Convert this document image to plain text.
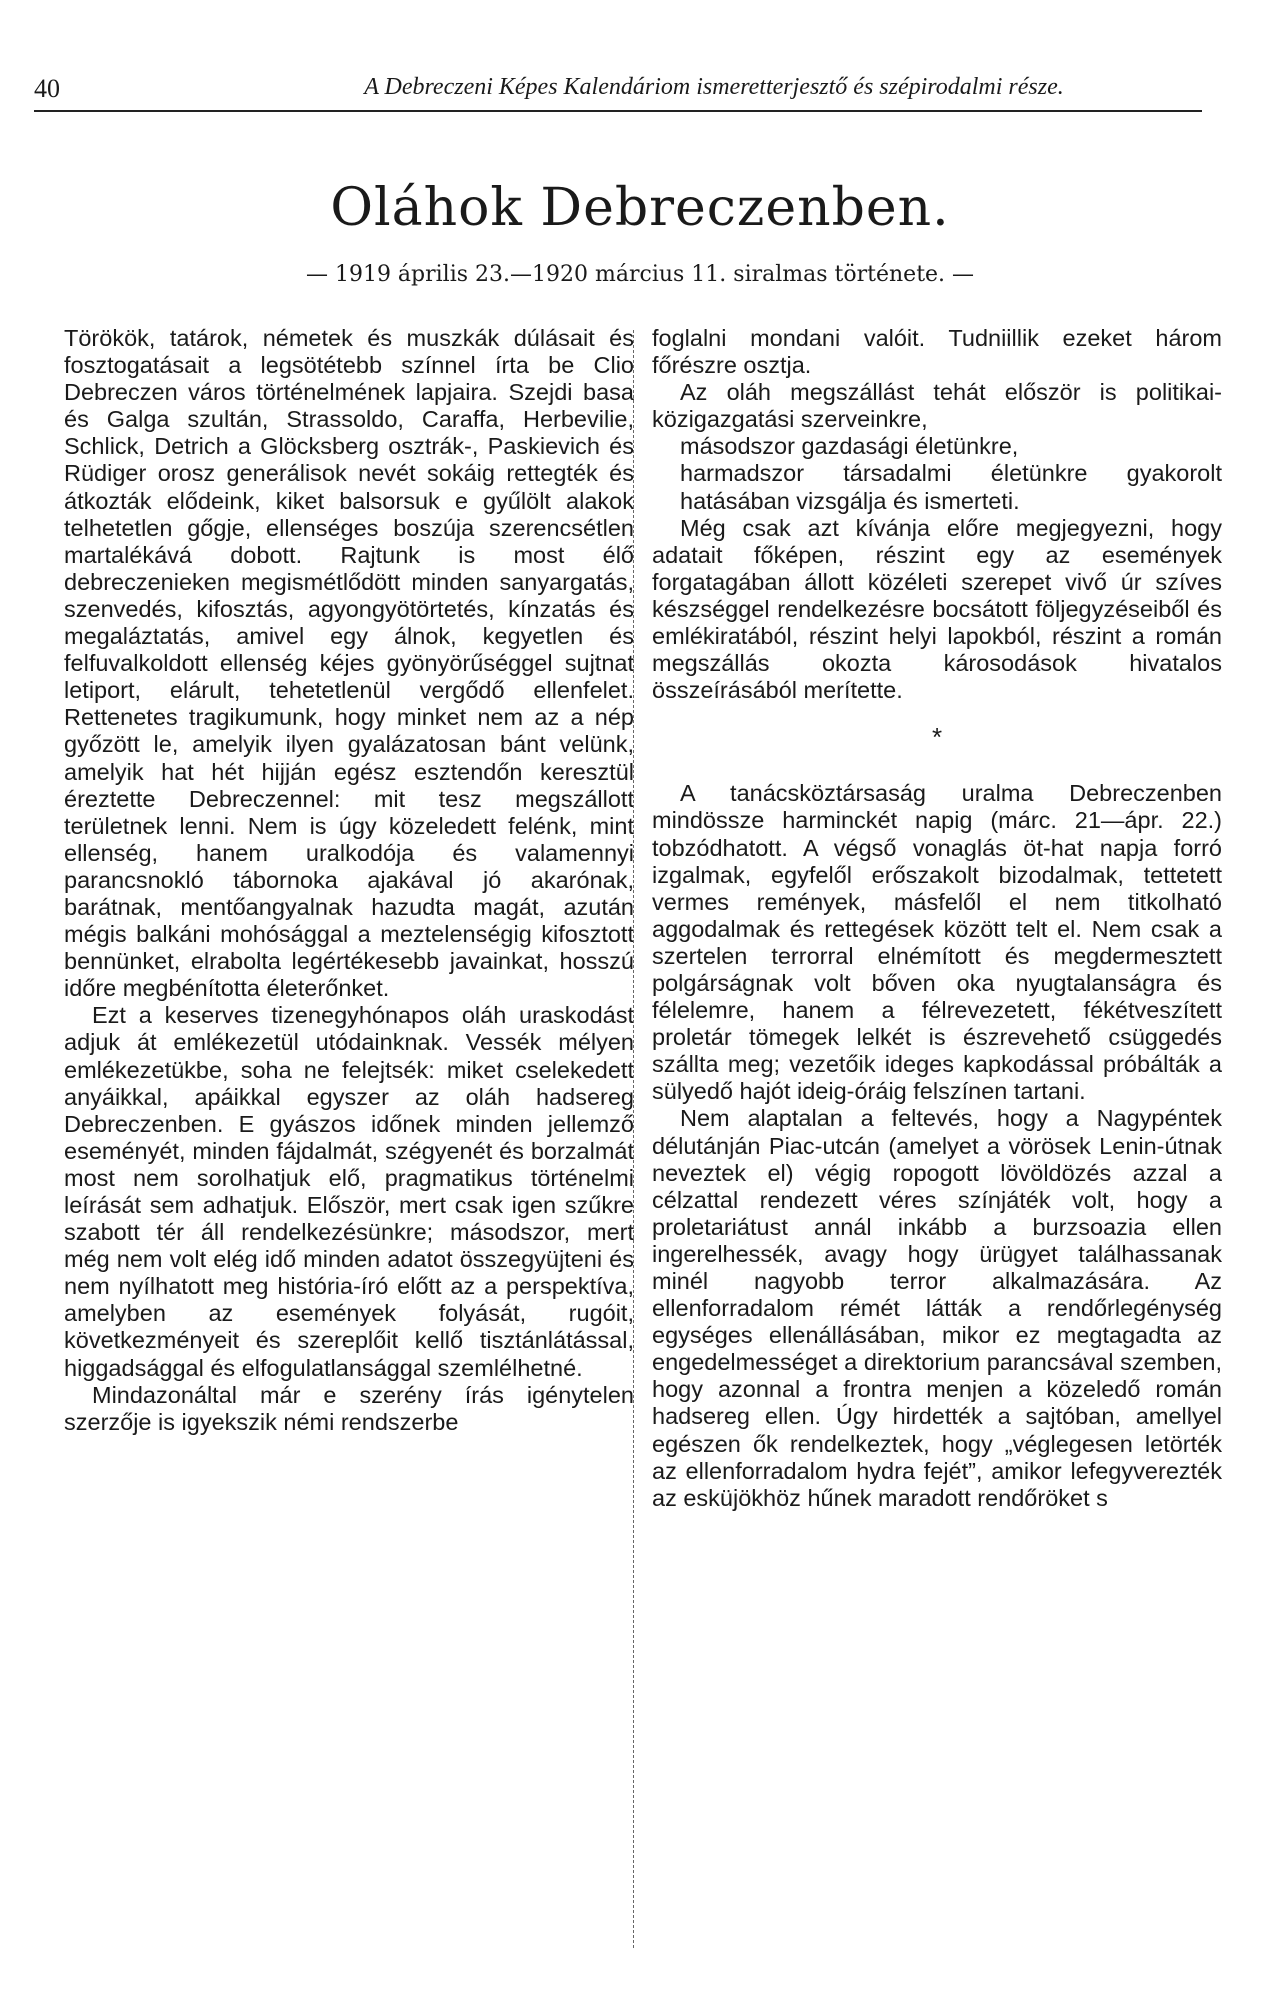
40	A Debreczeni Képes Kalendáriom ismeretterjesztő és szépirodalmi része.
Oláhok Debreczenben.
— 1919 április 23.—1920 március 11. siralmas története. —

Törökök, tatárok, németek és muszkák dúlásait és fosztogatásait a legsötétebb színnel írta be Clio Debreczen város történelmének lapjaira. Szejdi basa és Galga szultán, Strassoldo, Caraffa, Herbevilie, Schlick, Detrich a Glöcksberg osztrák-, Paskievich és Rüdiger orosz generálisok nevét sokáig rettegték és átkozták elődeink, kiket balsorsuk e gyűlölt alakok telhetetlen gőgje, ellenséges boszúja szerencsétlen martalékává dobott. Rajtunk is most élő debreczenieken megismétlődött minden sanyargatás, szenvedés, kifosztás, agyongyötörtetés, kínzatás és megaláztatás, amivel egy álnok, kegyetlen és felfuvalkoldott ellenség kéjes gyönyörűséggel sujtnat letiport, elárult, tehetetlenül vergődő ellenfelet. Rettenetes tragikumunk, hogy minket nem az a nép győzött le, amelyik ilyen gyalázatosan bánt velünk, amelyik hat hét hijján egész esztendőn keresztül éreztette Debreczennel: mit tesz megszállott területnek lenni. Nem is úgy közeledett felénk, mint ellenség, hanem uralkodója és valamennyi parancsnokló tábornoka ajakával jó akarónak, barátnak, mentőangyalnak hazudta magát, azután mégis balkáni mohósággal a meztelenségig kifosztott bennünket, elrabolta legértékesebb javainkat, hosszú időre megbénította életerőnket.

Ezt a keserves tizenegyhónapos oláh uraskodást adjuk át emlékezetül utódainknak. Vessék mélyen emlékezetükbe, soha ne felejtsék: miket cselekedett anyáikkal, apáikkal egyszer az oláh hadsereg Debreczenben. E gyászos időnek minden jellemző eseményét, minden fájdalmát, szégyenét és borzalmát most nem sorolhatjuk elő, pragmatikus történelmi leírását sem adhatjuk. Először, mert csak igen szűkre szabott tér áll rendelkezésünkre; másodszor, mert még nem volt elég idő minden adatot összegyüjteni és nem nyílhatott meg história-író előtt az a perspektíva, amelyben az események folyását, rugóit, következményeit és szereplőit kellő tisztánlátással, higgadsággal és elfogulatlansággal szemlélhetné.

Mindazonáltal már e szerény írás igénytelen szerzője is igyekszik némi rendszerbe

foglalni mondani valóit. Tudniillik ezeket három főrészre osztja.

Az oláh megszállást tehát először is politikai-közigazgatási szerveinkre,

másodszor gazdasági életünkre,

harmadszor társadalmi életünkre gyakorolt hatásában vizsgálja és ismerteti.

Még csak azt kívánja előre megjegyezni, hogy adatait főképen, részint egy az események forgatagában állott közéleti szerepet vivő úr szíves készséggel rendelkezésre bocsátott följegyzéseiből és emlékiratából, részint helyi lapokból, részint a román megszállás okozta károsodások hivatalos összeírásából merítette.

*

A tanácsköztársaság uralma Debreczenben mindössze harminckét napig (márc. 21—ápr. 22.) tobzódhatott. A végső vonaglás öt-hat napja forró izgalmak, egyfelől erőszakolt bizodalmak, tettetett vermes remények, másfelől el nem titkolható aggodalmak és rettegések között telt el. Nem csak a szertelen terrorral elnémított és megdermesztett polgárságnak volt bőven oka nyugtalanságra és félelemre, hanem a félrevezetett, fékétveszített proletár tömegek lelkét is észrevehető csüggedés szállta meg; vezetőik ideges kapkodással próbálták a sülyedő hajót ideig-óráig felszínen tartani.

Nem alaptalan a feltevés, hogy a Nagypéntek délutánján Piac-utcán (amelyet a vörösek Lenin-útnak neveztek el) végig ropogott lövöldözés azzal a célzattal rendezett véres színjáték volt, hogy a proletariátust annál inkább a burzsoazia ellen ingerelhessék, avagy hogy ürügyet találhassanak minél nagyobb terror alkalmazására. Az ellenforradalom rémét látták a rendőrlegénység egységes ellenállásában, mikor ez megtagadta az engedelmességet a direktorium parancsával szemben, hogy azonnal a frontra menjen a közeledő román hadsereg ellen. Úgy hirdették a sajtóban, amellyel egészen ők rendelkeztek, hogy „véglegesen letörték az ellenforradalom hydra fejét”, amikor lefegyverezték az esküjökhöz hűnek maradott rendőröket s
